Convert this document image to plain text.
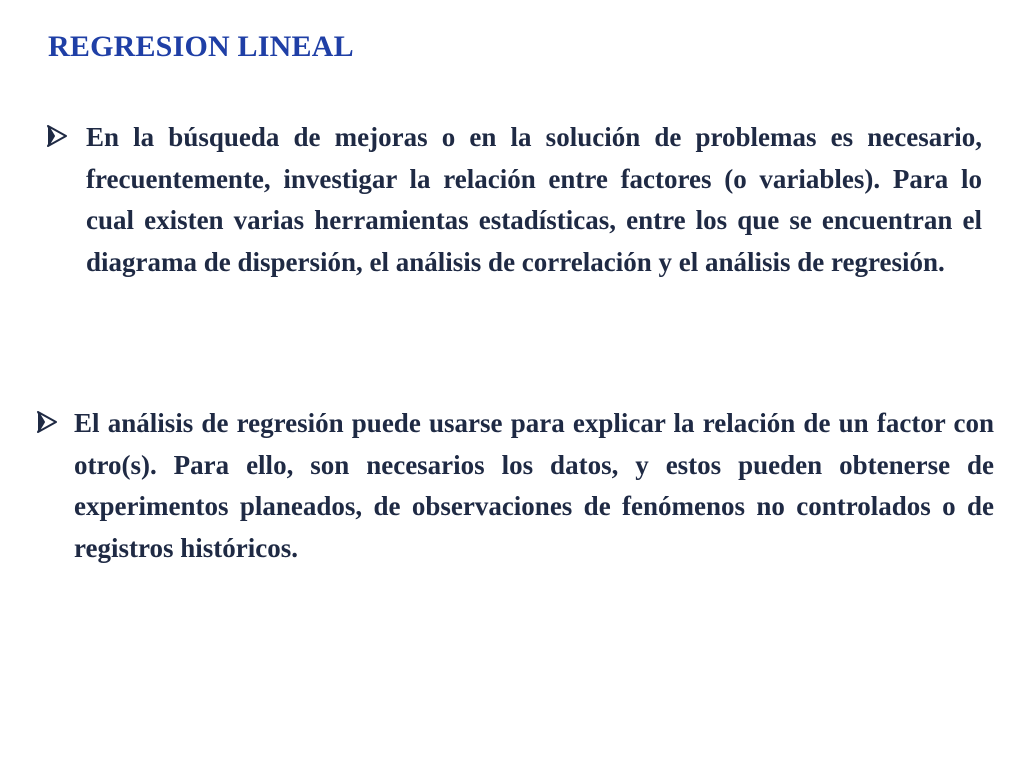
REGRESION LINEAL

En la búsqueda de mejoras o en la solución de problemas es necesario, frecuentemente, investigar la relación entre factores (o variables). Para lo cual existen varias herramientas estadísticas, entre los que se encuentran el diagrama de dispersión, el análisis de correlación y el análisis de regresión.

El análisis de regresión puede usarse para explicar la relación de un factor con otro(s). Para ello, son necesarios los datos, y estos pueden obtenerse de experimentos planeados, de observaciones de fenómenos no controlados o de registros históricos.
